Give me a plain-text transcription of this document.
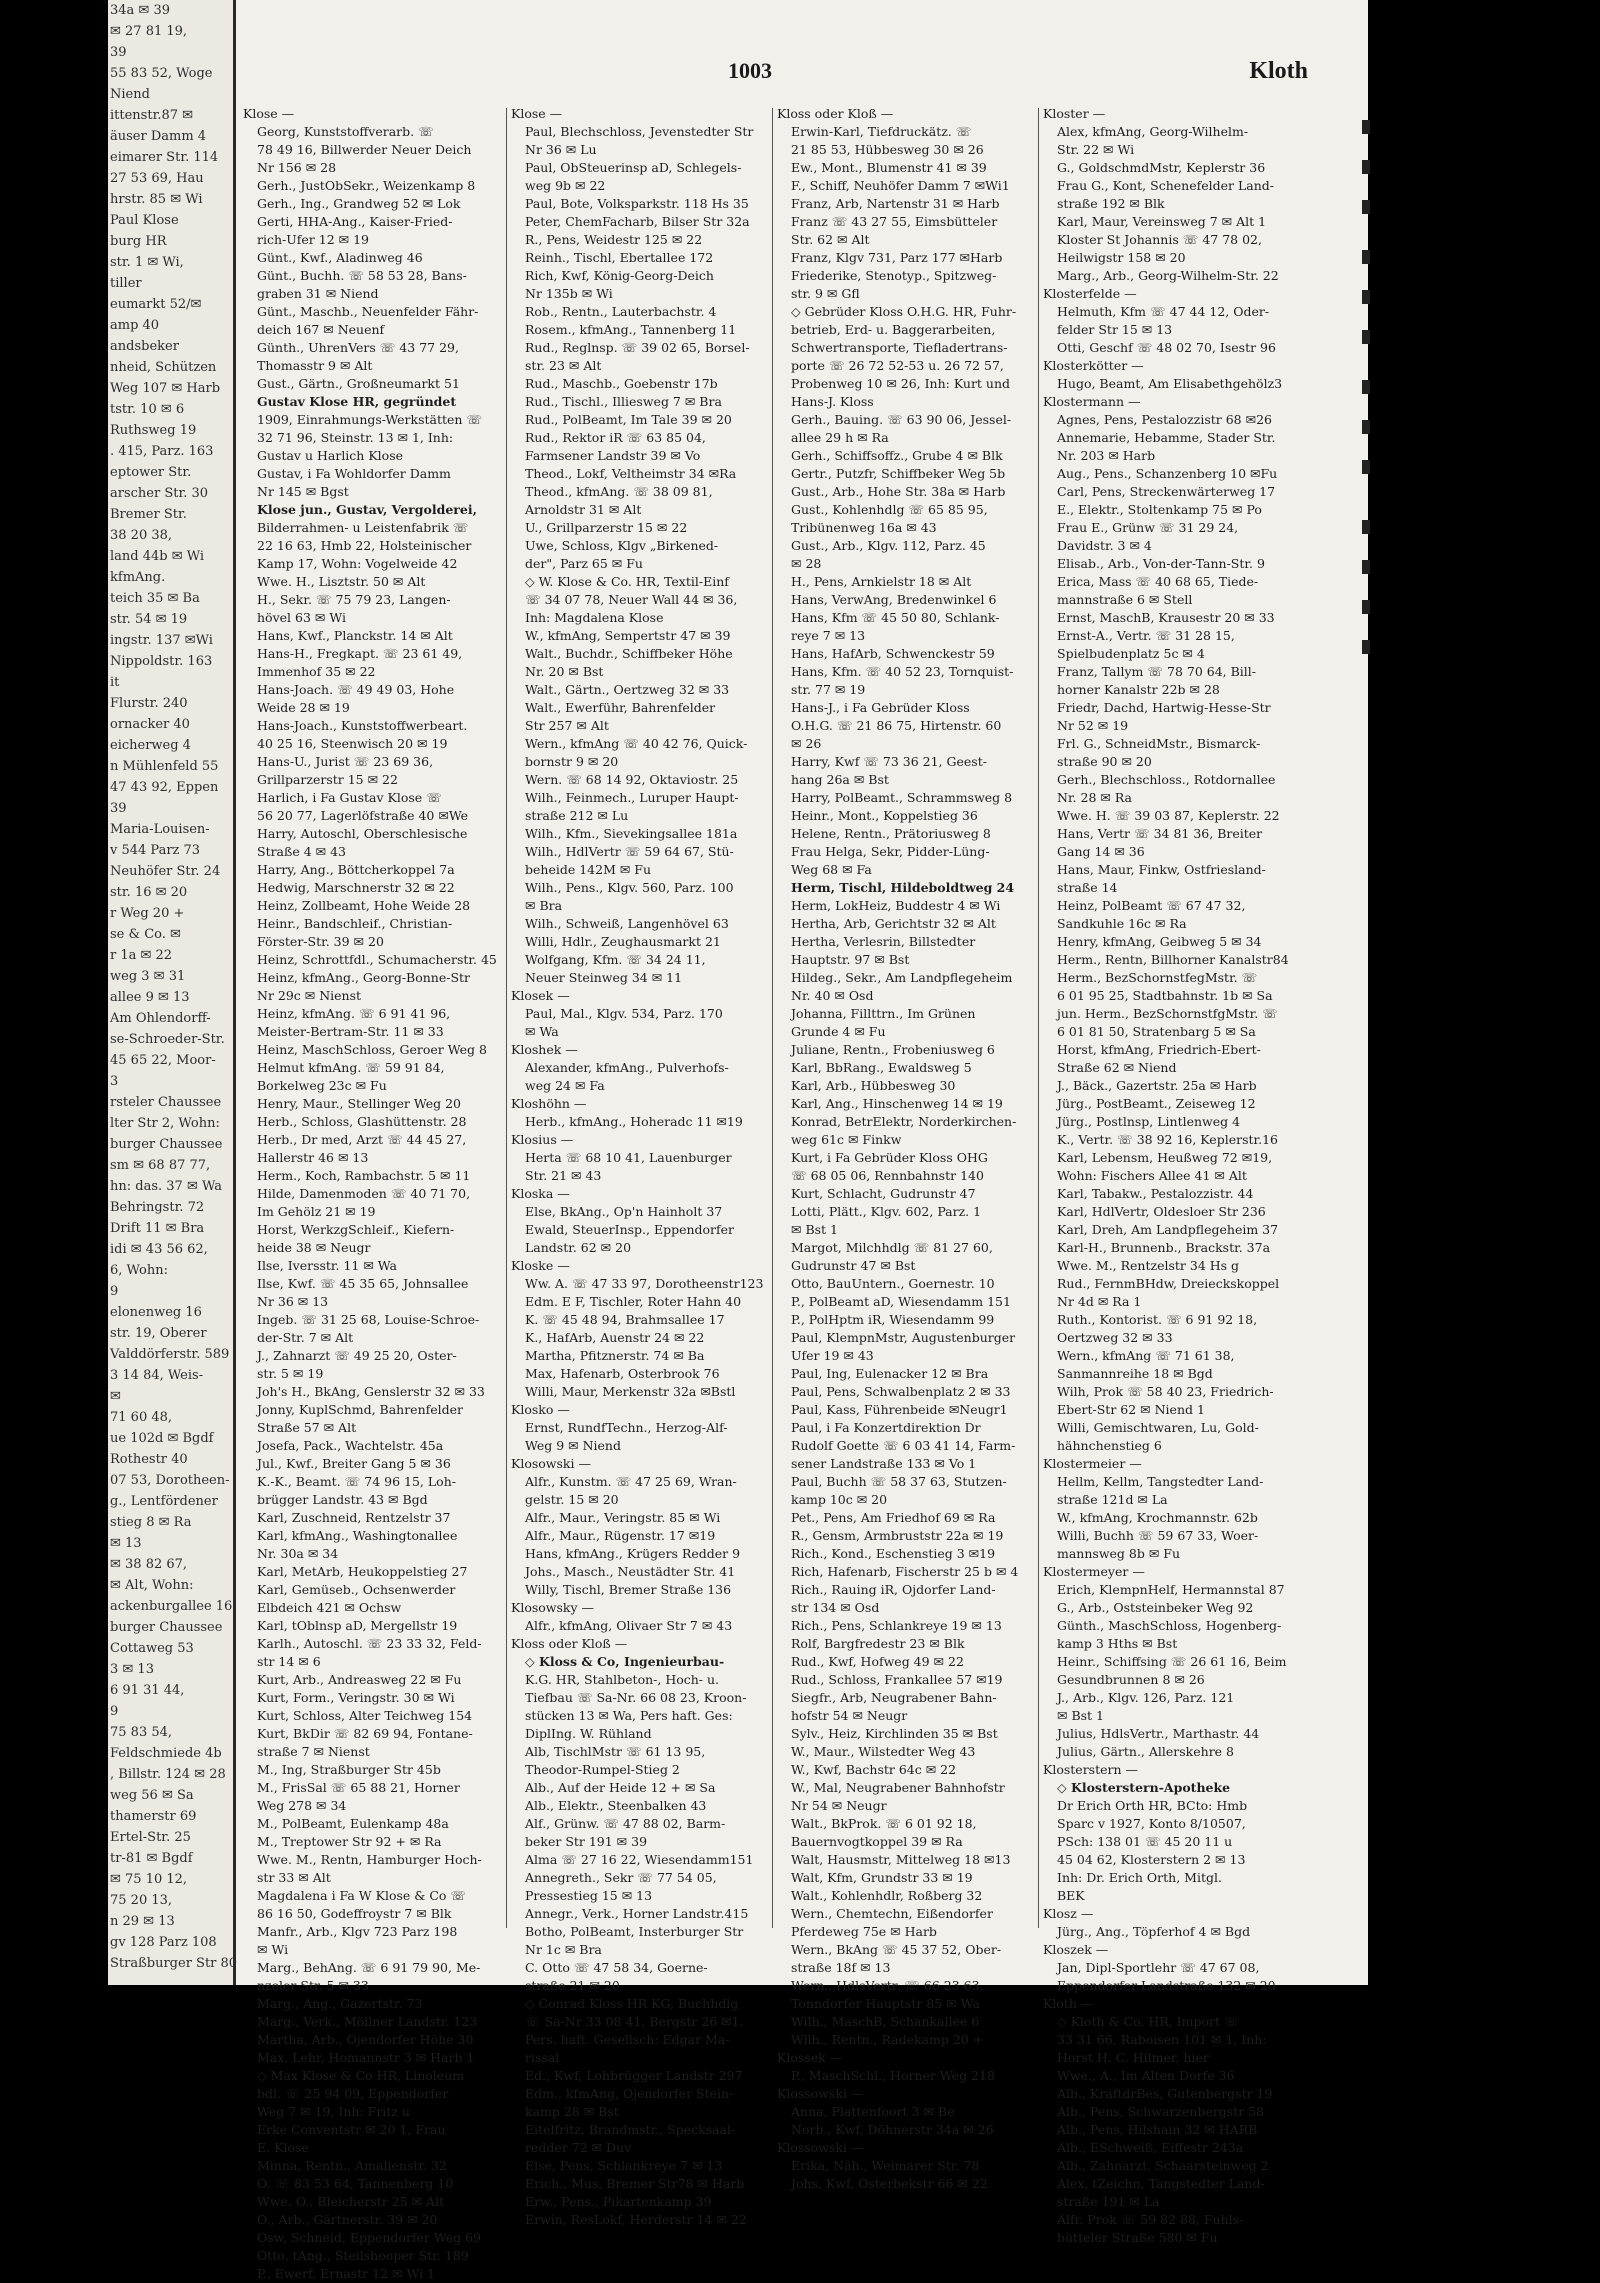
34a ✉ 39
✉ 27 81 19,
39
55 83 52, Woge
Niend
ittenstr.87 ✉
äuser Damm 4
eimarer Str. 114
27 53 69, Hau
hrstr. 85 ✉ Wi
Paul Klose
burg HR
str. 1 ✉ Wi,
tiller
eumarkt 52/✉
amp 40
andsbeker
nheid, Schützen
Weg 107 ✉ Harb
tstr. 10 ✉ 6
Ruthsweg 19
. 415, Parz. 163
eptower Str.
arscher Str. 30
Bremer Str.
38 20 38,
land 44b ✉ Wi
kfmAng.
teich 35 ✉ Ba
str. 54 ✉ 19
ingstr. 137 ✉Wi
Nippoldstr. 163
it
Flurstr. 240
ornacker 40
eicherweg 4
n Mühlenfeld 55
47 43 92, Eppen
39
Maria-Louisen-
v 544 Parz 73
Neuhöfer Str. 24
str. 16 ✉ 20
r Weg 20 +
se & Co. ✉
r 1a ✉ 22
weg 3 ✉ 31
allee 9 ✉ 13
Am Ohlendorff-
se-Schroeder-Str.
45 65 22, Moor-
3
rsteler Chaussee
lter Str 2, Wohn:
burger Chaussee
sm ✉ 68 87 77,
hn: das. 37 ✉ Wa
Behringstr. 72
Drift 11 ✉ Bra
idi ✉ 43 56 62,
6, Wohn:
9
elonenweg 16
str. 19, Oberer
Valddörferstr. 589
3 14 84, Weis-
✉
71 60 48,
ue 102d ✉ Bgdf
Rothestr 40
07 53, Dorotheen-
g., Lentfördener
stieg 8 ✉ Ra
✉ 13
✉ 38 82 67,
✉ Alt, Wohn:
ackenburgallee 16
burger Chaussee
Cottaweg 53
3 ✉ 13
6 91 31 44,
9
75 83 54,
Feldschmiede 4b
, Billstr. 124 ✉ 28
weg 56 ✉ Sa
thamerstr 69
Ertel-Str. 25
tr-81 ✉ Bgdf
✉ 75 10 12,
75 20 13,
n 29 ✉ 13
gv 128 Parz 108
Straßburger Str 80
1003	Kloth
Klose —
Georg, Kunststoffverarb. ☏
78 49 16, Billwerder Neuer Deich
Nr 156 ✉ 28
Gerh., JustObSekr., Weizenkamp 8
Gerh., Ing., Grandweg 52 ✉ Lok
Gerti, HHA-Ang., Kaiser-Fried-
rich-Ufer 12 ✉ 19
Günt., Kwf., Aladinweg 46
Günt., Buchh. ☏ 58 53 28, Bans-
graben 31 ✉ Niend
Günt., Maschb., Neuenfelder Fähr-
deich 167 ✉ Neuenf
Günth., UhrenVers ☏ 43 77 29,
Thomasstr 9 ✉ Alt
Gust., Gärtn., Großneumarkt 51
Gustav Klose HR, gegründet
1909, Einrahmungs-Werkstätten ☏
32 71 96, Steinstr. 13 ✉ 1, Inh:
Gustav u Harlich Klose
Gustav, i Fa Wohldorfer Damm
Nr 145 ✉ Bgst
Klose jun., Gustav, Vergolderei,
Bilderrahmen- u Leistenfabrik ☏
22 16 63, Hmb 22, Holsteinischer
Kamp 17, Wohn: Vogelweide 42
Wwe. H., Lisztstr. 50 ✉ Alt
H., Sekr. ☏ 75 79 23, Langen-
hövel 63 ✉ Wi
Hans, Kwf., Planckstr. 14 ✉ Alt
Hans-H., Fregkapt. ☏ 23 61 49,
Immenhof 35 ✉ 22
Hans-Joach. ☏ 49 49 03, Hohe
Weide 28 ✉ 19
Hans-Joach., Kunststoffwerbeart.
40 25 16, Steenwisch 20 ✉ 19
Hans-U., Jurist ☏ 23 69 36,
Grillparzerstr 15 ✉ 22
Harlich, i Fa Gustav Klose ☏
56 20 77, Lagerlöfstraße 40 ✉We
Harry, Autoschl, Oberschlesische
Straße 4 ✉ 43
Harry, Ang., Böttcherkoppel 7a
Hedwig, Marschnerstr 32 ✉ 22
Heinz, Zollbeamt, Hohe Weide 28
Heinr., Bandschleif., Christian-
Förster-Str. 39 ✉ 20
Heinz, Schrottfdl., Schumacherstr. 45
Heinz, kfmAng., Georg-Bonne-Str
Nr 29c ✉ Nienst
Heinz, kfmAng. ☏ 6 91 41 96,
Meister-Bertram-Str. 11 ✉ 33
Heinz, MaschSchloss, Geroer Weg 8
Helmut kfmAng. ☏ 59 91 84,
Borkelweg 23c ✉ Fu
Henry, Maur., Stellinger Weg 20
Herb., Schloss, Glashüttenstr. 28
Herb., Dr med, Arzt ☏ 44 45 27,
Hallerstr 46 ✉ 13
Herm., Koch, Rambachstr. 5 ✉ 11
Hilde, Damenmoden ☏ 40 71 70,
Im Gehölz 21 ✉ 19
Horst, WerkzgSchleif., Kiefern-
heide 38 ✉ Neugr
Ilse, Iversstr. 11 ✉ Wa
Ilse, Kwf. ☏ 45 35 65, Johnsallee
Nr 36 ✉ 13
Ingeb. ☏ 31 25 68, Louise-Schroe-
der-Str. 7 ✉ Alt
J., Zahnarzt ☏ 49 25 20, Oster-
str. 5 ✉ 19
Joh's H., BkAng, Genslerstr 32 ✉ 33
Jonny, KuplSchmd, Bahrenfelder
Straße 57 ✉ Alt
Josefa, Pack., Wachtelstr. 45a
Jul., Kwf., Breiter Gang 5 ✉ 36
K.-K., Beamt. ☏ 74 96 15, Loh-
brügger Landstr. 43 ✉ Bgd
Karl, Zuschneid, Rentzelstr 37
Karl, kfmAng., Washingtonallee
Nr. 30a ✉ 34
Karl, MetArb, Heukoppelstieg 27
Karl, Gemüseb., Ochsenwerder
Elbdeich 421 ✉ Ochsw
Karl, tOblnsp aD, Mergellstr 19
Karlh., Autoschl. ☏ 23 33 32, Feld-
str 14 ✉ 6
Kurt, Arb., Andreasweg 22 ✉ Fu
Kurt, Form., Veringstr. 30 ✉ Wi
Kurt, Schloss, Alter Teichweg 154
Kurt, BkDir ☏ 82 69 94, Fontane-
straße 7 ✉ Nienst
M., Ing, Straßburger Str 45b
M., FrisSal ☏ 65 88 21, Horner
Weg 278 ✉ 34
M., PolBeamt, Eulenkamp 48a
M., Treptower Str 92 + ✉ Ra
Wwe. M., Rentn, Hamburger Hoch-
str 33 ✉ Alt
Magdalena i Fa W Klose & Co ☏
86 16 50, Godeffroystr 7 ✉ Blk
Manfr., Arb., Klgv 723 Parz 198
✉ Wi
Marg., BehAng. ☏ 6 91 79 90, Me-
nzeler Str. 5 ✉ 33
Marg., Ang., Gazertstr. 73
Marg., Verk., Möllner Landstr. 123
Martha, Arb., Ojendorfer Höhe 30
Max, Lehr, Homannstr 3 ✉ Harb 1
◇ Max Klose & Co HR, Linoleum
bdl. ☏ 25 94 09, Eppendorfer
Weg 7 ✉ 19, Inh: Fritz u
Erke Conventstr ✉ 20 1, Frau
E. Klose
Minna, Rentn., Amalienstr. 32
O. ☏ 83 53 64, Tannenberg 10
Wwe. O., Bleicherstr 25 ✉ Alt
O., Arb., Gärtnerstr. 39 ✉ 20
Osw, Schneid, Eppendorfer Weg 69
Otto, tAng., Steilshooper Str. 189
P., Ewerf, Ernastr 12 ✉ Wi 1
Klose —
Paul, Blechschloss, Jevenstedter Str
Nr 36 ✉ Lu
Paul, ObSteuerinsp aD, Schlegels-
weg 9b ✉ 22
Paul, Bote, Volksparkstr. 118 Hs 35
Peter, ChemFacharb, Bilser Str 32a
R., Pens, Weidestr 125 ✉ 22
Reinh., Tischl, Ebertallee 172
Rich, Kwf, König-Georg-Deich
Nr 135b ✉ Wi
Rob., Rentn., Lauterbachstr. 4
Rosem., kfmAng., Tannenberg 11
Rud., Reglnsp. ☏ 39 02 65, Borsel-
str. 23 ✉ Alt
Rud., Maschb., Goebenstr 17b
Rud., Tischl., Illiesweg 7 ✉ Bra
Rud., PolBeamt, Im Tale 39 ✉ 20
Rud., Rektor iR ☏ 63 85 04,
Farmsener Landstr 39 ✉ Vo
Theod., Lokf, Veltheimstr 34 ✉Ra
Theod., kfmAng. ☏ 38 09 81,
Arnoldstr 31 ✉ Alt
U., Grillparzerstr 15 ✉ 22
Uwe, Schloss, Klgv „Birkened-
der", Parz 65 ✉ Fu
◇ W. Klose & Co. HR, Textil-Einf
☏ 34 07 78, Neuer Wall 44 ✉ 36,
Inh: Magdalena Klose
W., kfmAng, Sempertstr 47 ✉ 39
Walt., Buchdr., Schiffbeker Höhe
Nr. 20 ✉ Bst
Walt., Gärtn., Oertzweg 32 ✉ 33
Walt., Ewerführ, Bahrenfelder
Str 257 ✉ Alt
Wern., kfmAng ☏ 40 42 76, Quick-
bornstr 9 ✉ 20
Wern. ☏ 68 14 92, Oktaviostr. 25
Wilh., Feinmech., Luruper Haupt-
straße 212 ✉ Lu
Wilh., Kfm., Sievekingsallee 181a
Wilh., HdlVertr ☏ 59 64 67, Stü-
beheide 142M ✉ Fu
Wilh., Pens., Klgv. 560, Parz. 100
✉ Bra
Wilh., Schweiß, Langenhövel 63
Willi, Hdlr., Zeughausmarkt 21
Wolfgang, Kfm. ☏ 34 24 11,
Neuer Steinweg 34 ✉ 11
Klosek —
Paul, Mal., Klgv. 534, Parz. 170
✉ Wa
Kloshek —
Alexander, kfmAng., Pulverhofs-
weg 24 ✉ Fa
Kloshöhn —
Herb., kfmAng., Hoheradc 11 ✉19
Klosius —
Herta ☏ 68 10 41, Lauenburger
Str. 21 ✉ 43
Kloska —
Else, BkAng., Op'n Hainholt 37
Ewald, SteuerInsp., Eppendorfer
Landstr. 62 ✉ 20
Kloske —
Ww. A. ☏ 47 33 97, Dorotheenstr123
Edm. E F, Tischler, Roter Hahn 40
K. ☏ 45 48 94, Brahmsallee 17
K., HafArb, Auenstr 24 ✉ 22
Martha, Pfitznerstr. 74 ✉ Ba
Max, Hafenarb, Osterbrook 76
Willi, Maur, Merkenstr 32a ✉Bstl
Klosko —
Ernst, RundfTechn., Herzog-Alf-
Weg 9 ✉ Niend
Klosowski —
Alfr., Kunstm. ☏ 47 25 69, Wran-
gelstr. 15 ✉ 20
Alfr., Maur., Veringstr. 85 ✉ Wi
Alfr., Maur., Rügenstr. 17 ✉19
Hans, kfmAng., Krügers Redder 9
Johs., Masch., Neustädter Str. 41
Willy, Tischl, Bremer Straße 136
Klosowsky —
Alfr., kfmAng, Olivaer Str 7 ✉ 43
Kloss oder Kloß —
◇ Kloss & Co, Ingenieurbau-
K.G. HR, Stahlbeton-, Hoch- u.
Tiefbau ☏ Sa-Nr. 66 08 23, Kroon-
stücken 13 ✉ Wa, Pers haft. Ges:
DiplIng. W. Rühland
Alb, TischlMstr ☏ 61 13 95,
Theodor-Rumpel-Stieg 2
Alb., Auf der Heide 12 + ✉ Sa
Alb., Elektr., Steenbalken 43
Alf., Grünw. ☏ 47 88 02, Barm-
beker Str 191 ✉ 39
Alma ☏ 27 16 22, Wiesendamm151
Annegreth., Sekr ☏ 77 54 05,
Pressestieg 15 ✉ 13
Annegr., Verk., Horner Landstr.415
Botho, PolBeamt, Insterburger Str
Nr 1c ✉ Bra
C. Otto ☏ 47 58 34, Goerne-
straße 21 ✉ 20
◇ Conrad Kloss HR KG, Buchhdlg
☏ Sa-Nr 33 08 41, Bergstr 26 ✉1,
Pers. haft. Gesellsch: Edgar Ma-
rissal
Ed., Kwf, Lohbrügger Landstr 297
Edm., kfmAng, Ojendorfer Stein-
kamp 28 ✉ Bst
Eitelfritz, Brandmstr., Specksaal-
redder 72 ✉ Duv
Else, Pens, Schlankreye 7 ✉ 13
Erich., Mus, Bremer Str78 ✉ Harb
Erw., Pens., Pikartenkamp 39
Erwin, ResLokf, Herderstr 14 ✉ 22
Kloss oder Kloß —
Erwin-Karl, Tiefdruckätz. ☏
21 85 53, Hübbesweg 30 ✉ 26
Ew., Mont., Blumenstr 41 ✉ 39
F., Schiff, Neuhöfer Damm 7 ✉Wi1
Franz, Arb, Nartenstr 31 ✉ Harb
Franz ☏ 43 27 55, Eimsbütteler
Str. 62 ✉ Alt
Franz, Klgv 731, Parz 177 ✉Harb
Friederike, Stenotyp., Spitzweg-
str. 9 ✉ Gfl
◇ Gebrüder Kloss O.H.G. HR, Fuhr-
betrieb, Erd- u. Baggerarbeiten,
Schwertransporte, Tiefladertrans-
porte ☏ 26 72 52-53 u. 26 72 57,
Probenweg 10 ✉ 26, Inh: Kurt und
Hans-J. Kloss
Gerh., Bauing. ☏ 63 90 06, Jessel-
allee 29 h ✉ Ra
Gerh., Schiffsoffz., Grube 4 ✉ Blk
Gertr., Putzfr, Schiffbeker Weg 5b
Gust., Arb., Hohe Str. 38a ✉ Harb
Gust., Kohlenhdlg ☏ 65 85 95,
Tribünenweg 16a ✉ 43
Gust., Arb., Klgv. 112, Parz. 45
✉ 28
H., Pens, Arnkielstr 18 ✉ Alt
Hans, VerwAng, Bredenwinkel 6
Hans, Kfm ☏ 45 50 80, Schlank-
reye 7 ✉ 13
Hans, HafArb, Schwenckestr 59
Hans, Kfm. ☏ 40 52 23, Tornquist-
str. 77 ✉ 19
Hans-J., i Fa Gebrüder Kloss
O.H.G. ☏ 21 86 75, Hirtenstr. 60
✉ 26
Harry, Kwf ☏ 73 36 21, Geest-
hang 26a ✉ Bst
Harry, PolBeamt., Schrammsweg 8
Heinr., Mont., Koppelstieg 36
Helene, Rentn., Prätoriusweg 8
Frau Helga, Sekr, Pidder-Lüng-
Weg 68 ✉ Fa
Herm, Tischl, Hildeboldtweg 24
Herm, LokHeiz, Buddestr 4 ✉ Wi
Hertha, Arb, Gerichtstr 32 ✉ Alt
Hertha, Verlesrin, Billstedter
Hauptstr. 97 ✉ Bst
Hildeg., Sekr., Am Landpflegeheim
Nr. 40 ✉ Osd
Johanna, Fillttrn., Im Grünen
Grunde 4 ✉ Fu
Juliane, Rentn., Frobeniusweg 6
Karl, BbRang., Ewaldsweg 5
Karl, Arb., Hübbesweg 30
Karl, Ang., Hinschenweg 14 ✉ 19
Konrad, BetrElektr, Norderkirchen-
weg 61c ✉ Finkw
Kurt, i Fa Gebrüder Kloss OHG
☏ 68 05 06, Rennbahnstr 140
Kurt, Schlacht, Gudrunstr 47
Lotti, Plätt., Klgv. 602, Parz. 1
✉ Bst 1
Margot, Milchhdlg ☏ 81 27 60,
Gudrunstr 47 ✉ Bst
Otto, BauUntern., Goernestr. 10
P., PolBeamt aD, Wiesendamm 151
P., PolHptm iR, Wiesendamm 99
Paul, KlempnMstr, Augustenburger
Ufer 19 ✉ 43
Paul, Ing, Eulenacker 12 ✉ Bra
Paul, Pens, Schwalbenplatz 2 ✉ 33
Paul, Kass, Führenbeide ✉Neugr1
Paul, i Fa Konzertdirektion Dr
Rudolf Goette ☏ 6 03 41 14, Farm-
sener Landstraße 133 ✉ Vo 1
Paul, Buchh ☏ 58 37 63, Stutzen-
kamp 10c ✉ 20
Pet., Pens, Am Friedhof 69 ✉ Ra
R., Gensm, Armbruststr 22a ✉ 19
Rich., Kond., Eschenstieg 3 ✉19
Rich, Hafenarb, Fischerstr 25 b ✉ 4
Rich., Rauing iR, Ojdorfer Land-
str 134 ✉ Osd
Rich., Pens, Schlankreye 19 ✉ 13
Rolf, Bargfredestr 23 ✉ Blk
Rud., Kwf, Hofweg 49 ✉ 22
Rud., Schloss, Frankallee 57 ✉19
Siegfr., Arb, Neugrabener Bahn-
hofstr 54 ✉ Neugr
Sylv., Heiz, Kirchlinden 35 ✉ Bst
W., Maur., Wilstedter Weg 43
W., Kwf, Bachstr 64c ✉ 22
W., Mal, Neugrabener Bahnhofstr
Nr 54 ✉ Neugr
Walt., BkProk. ☏ 6 01 92 18,
Bauernvogtkoppel 39 ✉ Ra
Walt, Hausmstr, Mittelweg 18 ✉13
Walt, Kfm, Grundstr 33 ✉ 19
Walt., Kohlenhdlr, Roßberg 32
Wern., Chemtechn, Eißendorfer
Pferdeweg 75e ✉ Harb
Wern., BkAng ☏ 45 37 52, Ober-
straße 18f ✉ 13
Wern., HdlsVertr. ☏ 66 23 63,
Tonndorfer Hauptstr 85 ✉ Wa
Wilh., MaschB, Schankallee 6
Wilh., Rentn., Radekamp 20 +
Klossek —
P., MaschSchl., Horner Weg 218
Klossowski —
Anna, Plattenfoort 3 ✉ Be
Norb., Kwf, Döhnerstr 34a ✉ 26
Klossowski —
Erika, Näh., Weimarer Str. 78
Johs, Kwf, Osterbekstr 66 ✉ 22
Kloster —
Alex, kfmAng, Georg-Wilhelm-
Str. 22 ✉ Wi
G., GoldschmdMstr, Keplerstr 36
Frau G., Kont, Schenefelder Land-
straße 192 ✉ Blk
Karl, Maur, Vereinsweg 7 ✉ Alt 1
Kloster St Johannis ☏ 47 78 02,
Heilwigstr 158 ✉ 20
Marg., Arb., Georg-Wilhelm-Str. 22
Klosterfelde —
Helmuth, Kfm ☏ 47 44 12, Oder-
felder Str 15 ✉ 13
Otti, Geschf ☏ 48 02 70, Isestr 96
Klosterkötter —
Hugo, Beamt, Am Elisabethgehölz3
Klostermann —
Agnes, Pens, Pestalozzistr 68 ✉26
Annemarie, Hebamme, Stader Str.
Nr. 203 ✉ Harb
Aug., Pens., Schanzenberg 10 ✉Fu
Carl, Pens, Streckenwärterweg 17
E., Elektr., Stoltenkamp 75 ✉ Po
Frau E., Grünw ☏ 31 29 24,
Davidstr. 3 ✉ 4
Elisab., Arb., Von-der-Tann-Str. 9
Erica, Mass ☏ 40 68 65, Tiede-
mannstraße 6 ✉ Stell
Ernst, MaschB, Krausestr 20 ✉ 33
Ernst-A., Vertr. ☏ 31 28 15,
Spielbudenplatz 5c ✉ 4
Franz, Tallym ☏ 78 70 64, Bill-
horner Kanalstr 22b ✉ 28
Friedr, Dachd, Hartwig-Hesse-Str
Nr 52 ✉ 19
Frl. G., SchneidMstr., Bismarck-
straße 90 ✉ 20
Gerh., Blechschloss., Rotdornallee
Nr. 28 ✉ Ra
Wwe. H. ☏ 39 03 87, Keplerstr. 22
Hans, Vertr ☏ 34 81 36, Breiter
Gang 14 ✉ 36
Hans, Maur, Finkw, Ostfriesland-
straße 14
Heinz, PolBeamt ☏ 67 47 32,
Sandkuhle 16c ✉ Ra
Henry, kfmAng, Geibweg 5 ✉ 34
Herm., Rentn, Billhorner Kanalstr84
Herm., BezSchornstfegMstr. ☏
6 01 95 25, Stadtbahnstr. 1b ✉ Sa
jun. Herm., BezSchornstfgMstr. ☏
6 01 81 50, Stratenbarg 5 ✉ Sa
Horst, kfmAng, Friedrich-Ebert-
Straße 62 ✉ Niend
J., Bäck., Gazertstr. 25a ✉ Harb
Jürg., PostBeamt., Zeiseweg 12
Jürg., Postlnsp, Lintlenweg 4
K., Vertr. ☏ 38 92 16, Keplerstr.16
Karl, Lebensm, Heußweg 72 ✉19,
Wohn: Fischers Allee 41 ✉ Alt
Karl, Tabakw., Pestalozzistr. 44
Karl, HdlVertr, Oldesloer Str 236
Karl, Dreh, Am Landpflegeheim 37
Karl-H., Brunnenb., Brackstr. 37a
Wwe. M., Rentzelstr 34 Hs g
Rud., FernmBHdw, Dreieckskoppel
Nr 4d ✉ Ra 1
Ruth., Kontorist. ☏ 6 91 92 18,
Oertzweg 32 ✉ 33
Wern., kfmAng ☏ 71 61 38,
Sanmannreihe 18 ✉ Bgd
Wilh, Prok ☏ 58 40 23, Friedrich-
Ebert-Str 62 ✉ Niend 1
Willi, Gemischtwaren, Lu, Gold-
hähnchenstieg 6
Klostermeier —
Hellm, Kellm, Tangstedter Land-
straße 121d ✉ La
W., kfmAng, Krochmannstr. 62b
Willi, Buchh ☏ 59 67 33, Woer-
mannsweg 8b ✉ Fu
Klostermeyer —
Erich, KlempnHelf, Hermannstal 87
G., Arb., Oststeinbeker Weg 92
Günth., MaschSchloss, Hogenberg-
kamp 3 Hths ✉ Bst
Heinr., Schiffsing ☏ 26 61 16, Beim
Gesundbrunnen 8 ✉ 26
J., Arb., Klgv. 126, Parz. 121
✉ Bst 1
Julius, HdlsVertr., Marthastr. 44
Julius, Gärtn., Allerskehre 8
Klosterstern —
◇ Klosterstern-Apotheke
Dr Erich Orth HR, BCto: Hmb
Sparc v 1927, Konto 8/10507,
PSch: 138 01 ☏ 45 20 11 u
45 04 62, Klosterstern 2 ✉ 13
Inh: Dr. Erich Orth, Mitgl.
BEK
Klosz —
Jürg., Ang., Töpferhof 4 ✉ Bgd
Kloszek —
Jan, Dipl-Sportlehr ☏ 47 67 08,
Eppendorfer Landstraße 132 ✉ 20
Kloth —
◇ Kloth & Co. HR, Import ☏
33 31 66, Raboisen 101 ✉ 1, Inh:
Horst H. C. Hilmer, hier
Wwe., A., Im Alten Dorfe 36
Alb., KraftdrBes, Gutenbergstr 19
Alb., Pens, Schwarzenbergstr 58
Alb., Pens, Hilshain 32 ✉ HARB
Alb., ESchweiß, Eiffestr 243a
Alb., Zahnarzt, Schaarsteinweg 2
Alex, tZeichn, Tangstedter Land-
straße 191 ✉ La
Alfr. Prok ☏ 59 82 88, Fuhls-
bütteler Straße 580 ✉ Fu
